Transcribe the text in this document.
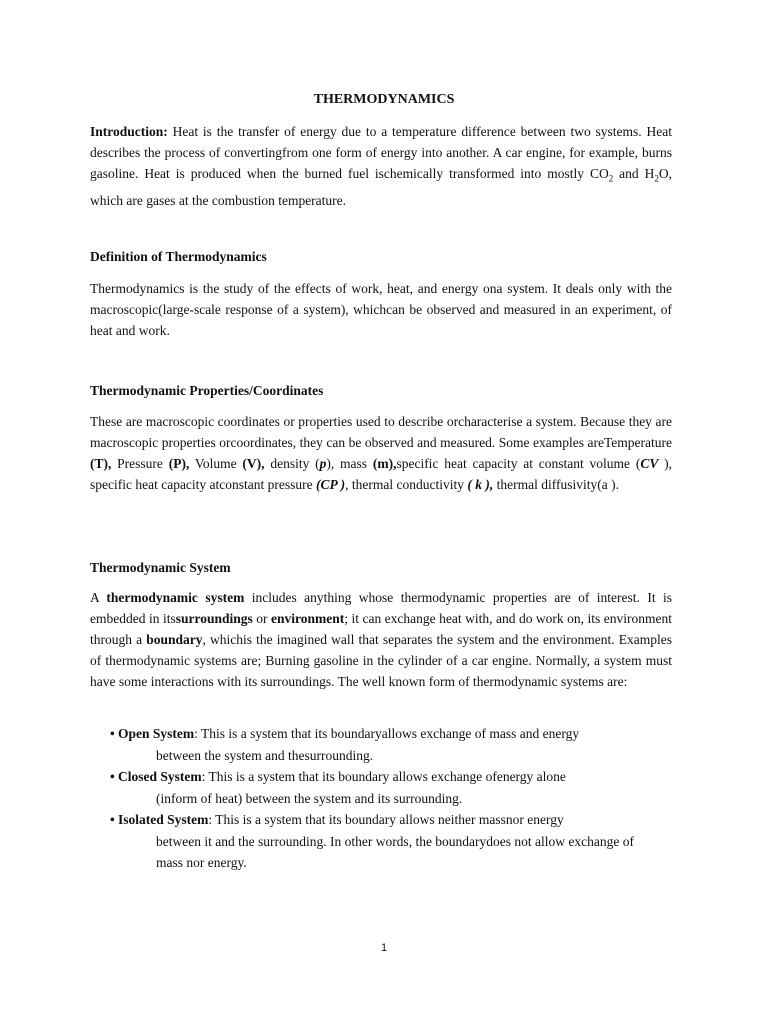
THERMODYNAMICS
Introduction: Heat is the transfer of energy due to a temperature difference between two systems. Heat describes the process of convertingfrom one form of energy into another. A car engine, for example, burns gasoline. Heat is produced when the burned fuel ischemically transformed into mostly $CO_2$ and $H_2O$, which are gases at the combustion temperature.
Definition of Thermodynamics
Thermodynamics is the study of the effects of work, heat, and energy ona system. It deals only with the macroscopic(large-scale response of a system), whichcan be observed and measured in an experiment, of heat and work.
Thermodynamic Properties/Coordinates
These are macroscopic coordinates or properties used to describe orcharacterise a system. Because they are macroscopic properties orcoordinates, they can be observed and measured. Some examples areTemperature (T), Pressure (P), Volume (V), density (p), mass (m),specific heat capacity at constant volume (CV ), specific heat capacity atconstant pressure (CP ), thermal conductivity ( k ), thermal diffusivity(a ).
Thermodynamic System
A thermodynamic system includes anything whose thermodynamic properties are of interest. It is embedded in itssurroundings or environment; it can exchange heat with, and do work on, its environment through a boundary, whichis the imagined wall that separates the system and the environment. Examples of thermodynamic systems are; Burning gasoline in the cylinder of a car engine. Normally, a system must have some interactions with its surroundings. The well known form of thermodynamic systems are:
• Open System: This is a system that its boundaryallows exchange of mass and energy
between the system and thesurrounding.
• Closed System: This is a system that its boundary allows exchange ofenergy alone
(inform of heat) between the system and its surrounding.
• Isolated System: This is a system that its boundary allows neither massnor energy
between it and the surrounding. In other words, the boundarydoes not allow exchange of
mass nor energy.
1
